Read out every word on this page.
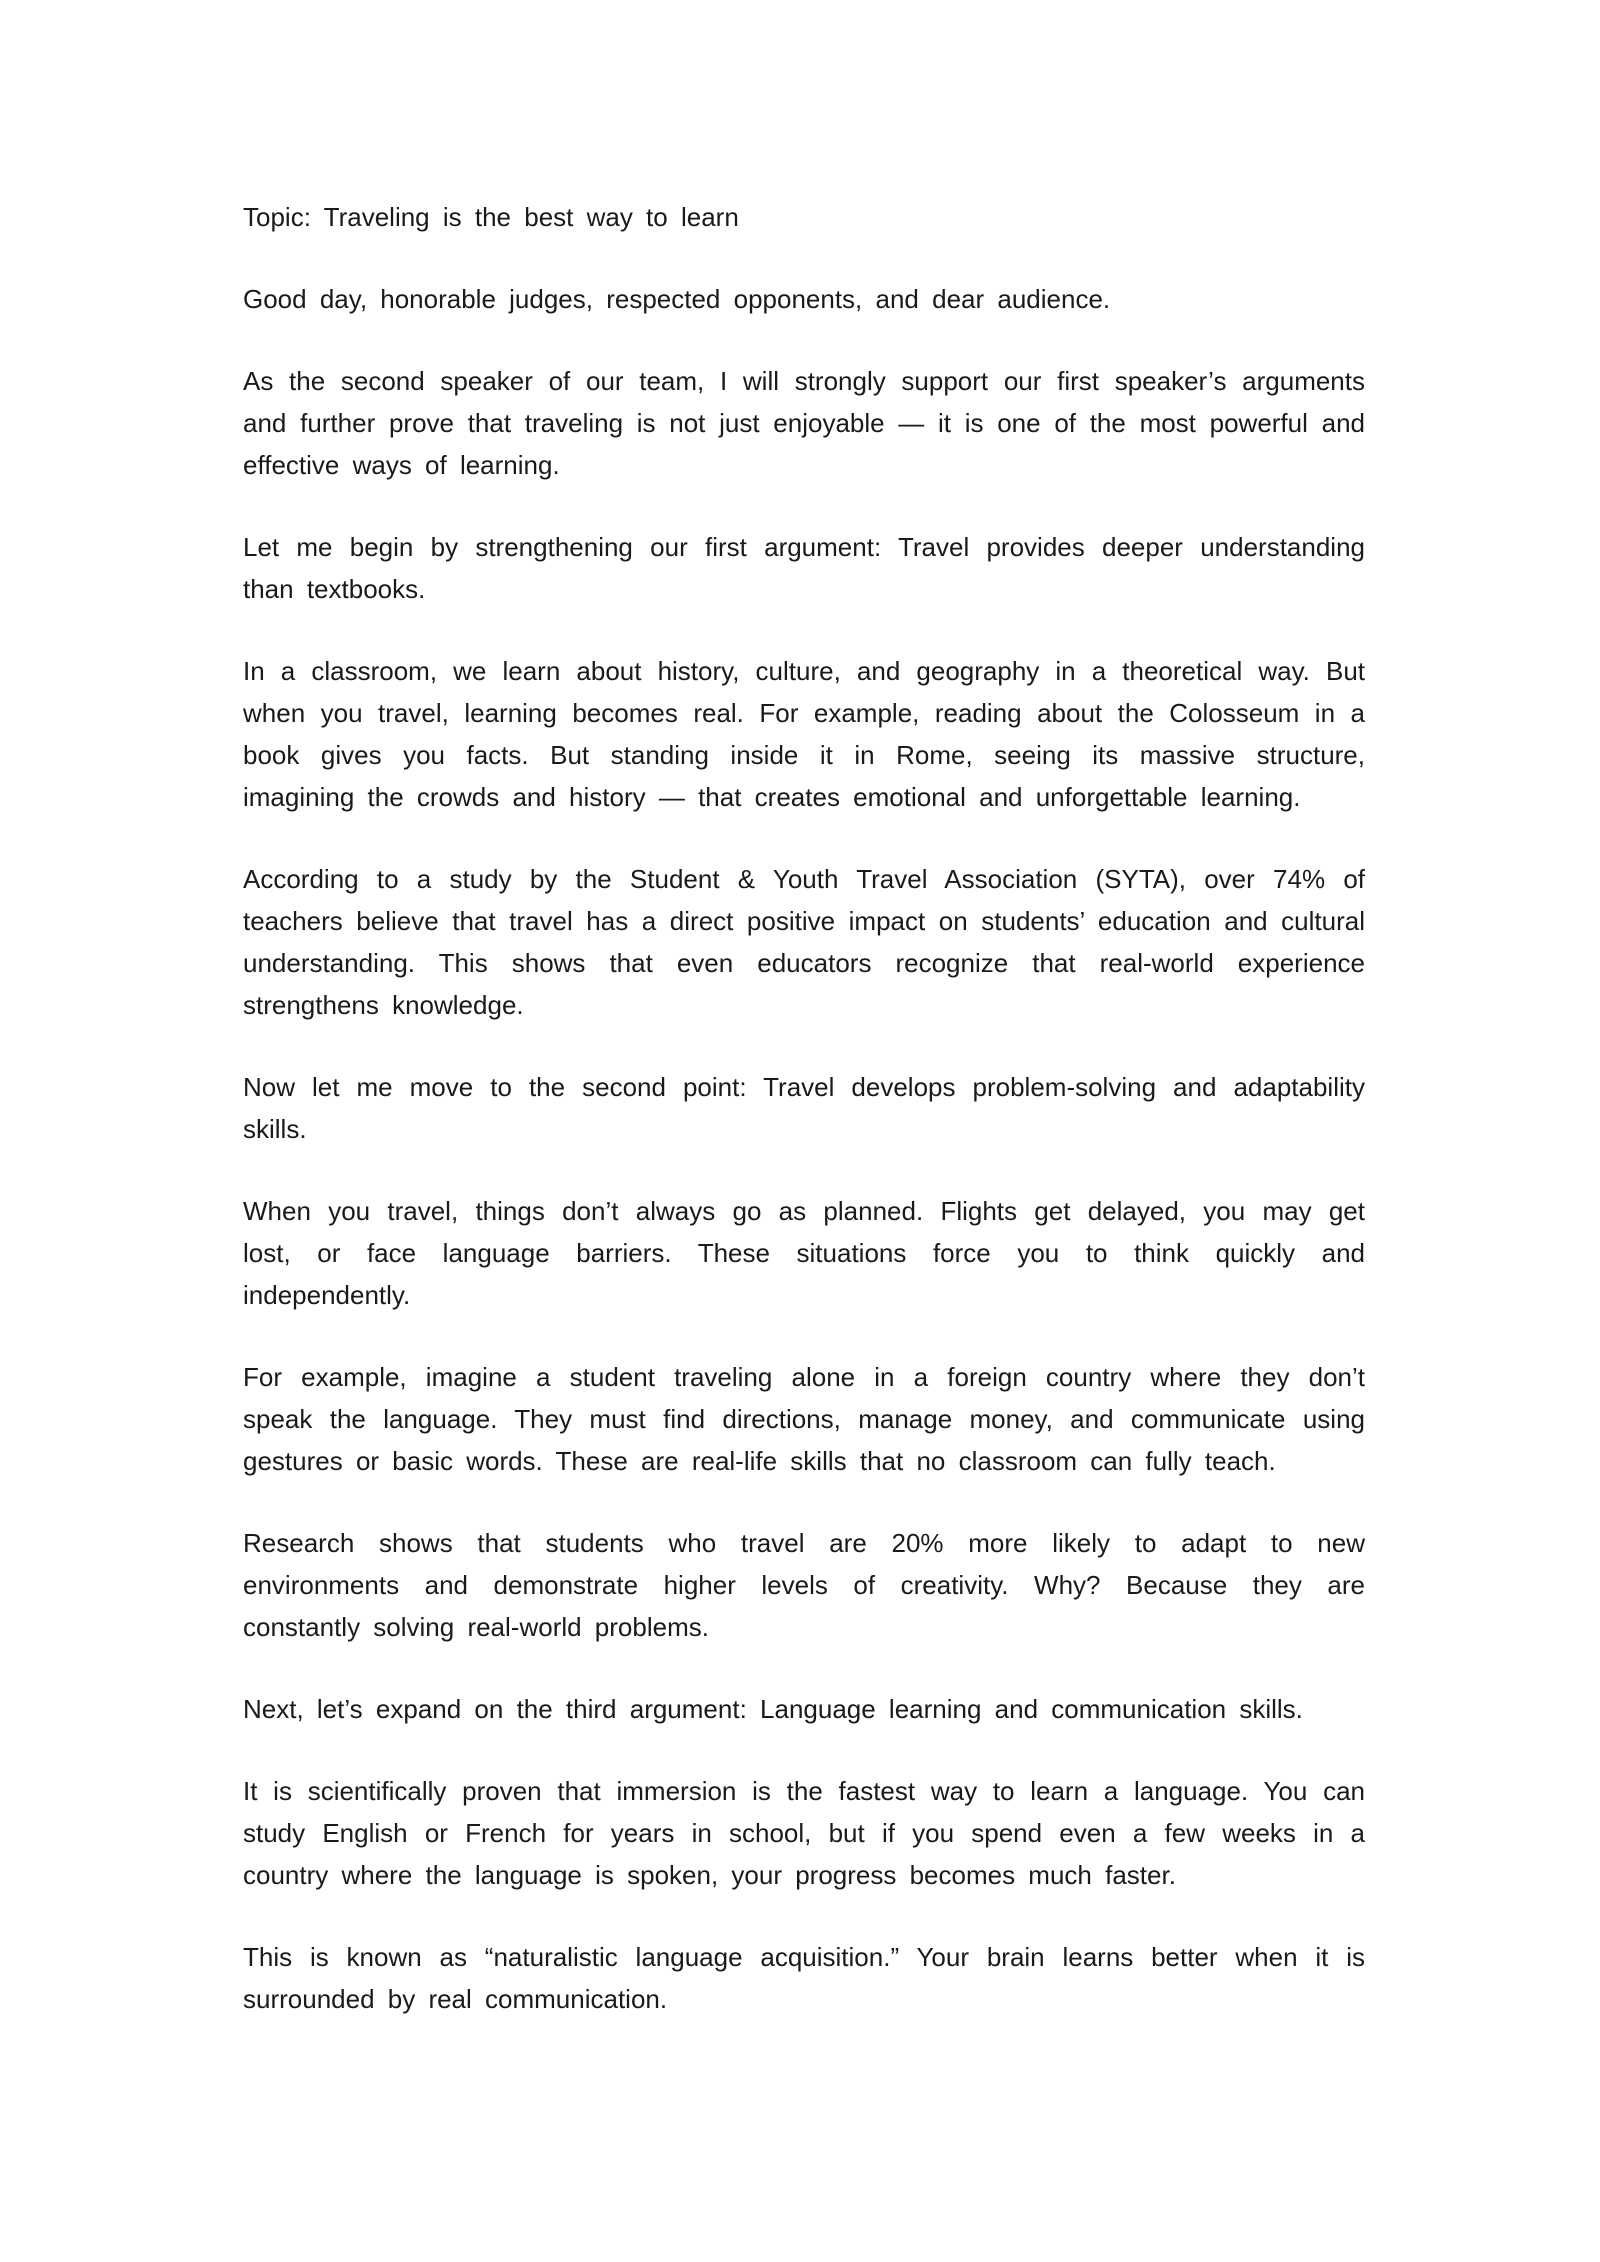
Topic: Traveling is the best way to learn

Good day, honorable judges, respected opponents, and dear audience.

As the second speaker of our team, I will strongly support our first speaker’s arguments and further prove that traveling is not just enjoyable — it is one of the most powerful and effective ways of learning.

Let me begin by strengthening our first argument: Travel provides deeper understanding than textbooks.

In a classroom, we learn about history, culture, and geography in a theoretical way. But when you travel, learning becomes real. For example, reading about the Colosseum in a book gives you facts. But standing inside it in Rome, seeing its massive structure, imagining the crowds and history — that creates emotional and unforgettable learning.

According to a study by the Student & Youth Travel Association (SYTA), over 74% of teachers believe that travel has a direct positive impact on students’ education and cultural understanding. This shows that even educators recognize that real-world experience strengthens knowledge.

Now let me move to the second point: Travel develops problem-solving and adaptability skills.

When you travel, things don’t always go as planned. Flights get delayed, you may get lost, or face language barriers. These situations force you to think quickly and independently.

For example, imagine a student traveling alone in a foreign country where they don’t speak the language. They must find directions, manage money, and communicate using gestures or basic words. These are real-life skills that no classroom can fully teach.

Research shows that students who travel are 20% more likely to adapt to new environments and demonstrate higher levels of creativity. Why? Because they are constantly solving real-world problems.

Next, let’s expand on the third argument: Language learning and communication skills.

It is scientifically proven that immersion is the fastest way to learn a language. You can study English or French for years in school, but if you spend even a few weeks in a country where the language is spoken, your progress becomes much faster.

This is known as “naturalistic language acquisition.” Your brain learns better when it is surrounded by real communication.
